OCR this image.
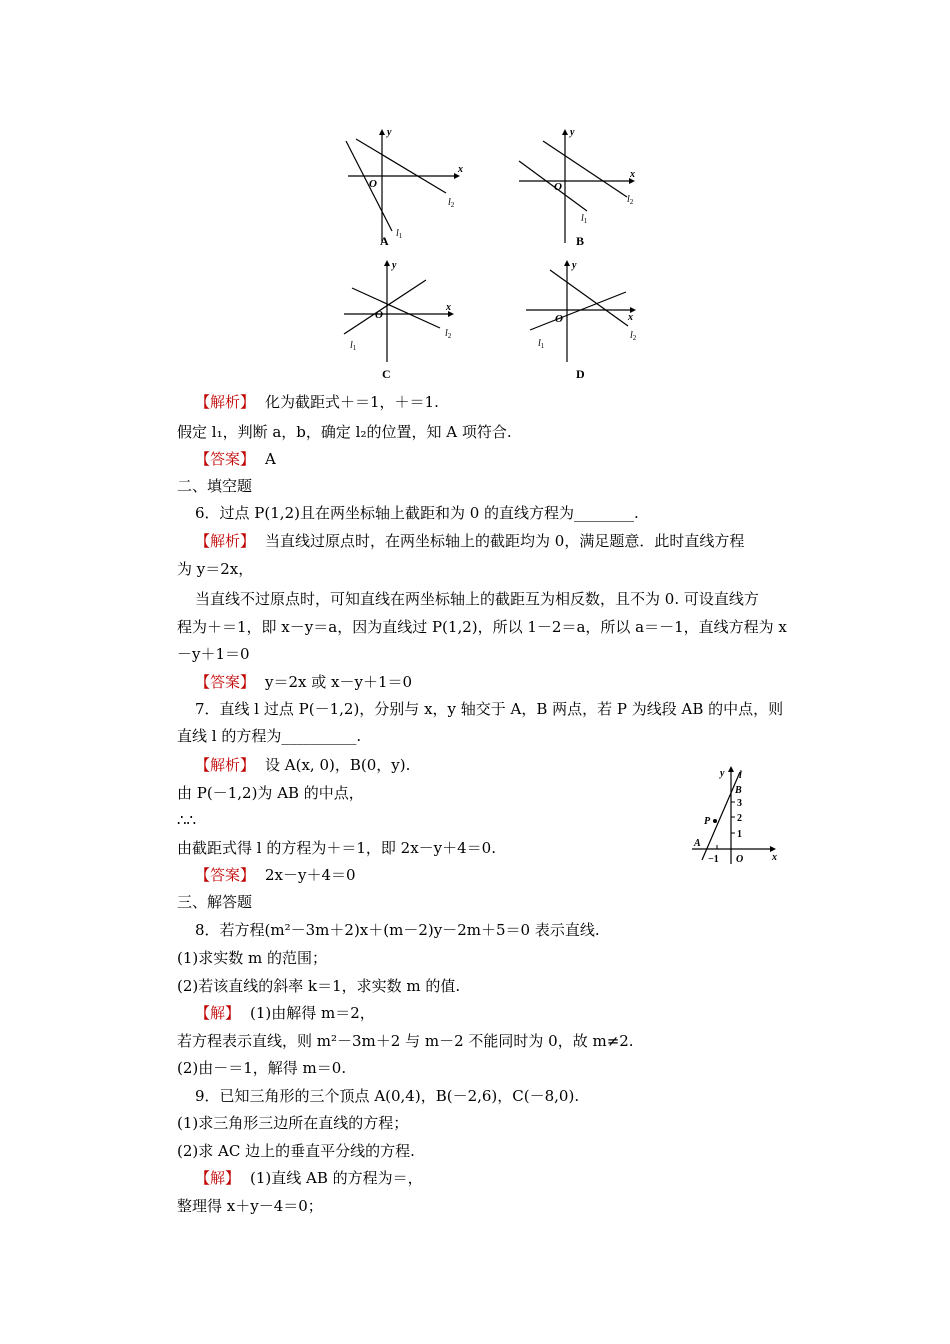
O
x
y
$l_1$
$l_2$
A
O
x
y
$l_1$
$l_2$
B
O
x
y
$l_1$
$l_2$
C
O	x
y
$l_1$
$l_2$
D
y l
B
3
2
1
P
A
−1 O	x
【解析】 化为截距式＋＝1，＋＝1.
假定 l₁，判断 a，b，确定 l₂的位置，知 A 项符合.
【答案】 A
二、填空题
6．过点 P(1,2)且在两坐标轴上截距和为 0 的直线方程为________.
【解析】 当直线过原点时，在两坐标轴上的截距均为 0，满足题意．此时直线方程
为 y＝2x，
当直线不过原点时，可知直线在两坐标轴上的截距互为相反数，且不为 0. 可设直线方
程为＋＝1，即 x－y＝a，因为直线过 P(1,2)，所以 1－2＝a，所以 a＝－1，直线方程为 x
－y＋1＝0
【答案】 y＝2x 或 x－y＋1＝0
7．直线 l 过点 P(－1,2)，分别与 x，y 轴交于 A，B 两点，若 P 为线段 AB 的中点，则
直线 l 的方程为__________.
【解析】 设 A(x, 0)，B(0，y).
由 P(－1,2)为 AB 的中点，
∴∴
由截距式得 l 的方程为＋＝1，即 2x－y＋4＝0.
【答案】 2x－y＋4＝0
三、解答题
8．若方程(m²－3m＋2)x＋(m－2)y－2m＋5＝0 表示直线.
(1)求实数 m 的范围；
(2)若该直线的斜率 k＝1，求实数 m 的值.
【解】 (1)由解得 m＝2，
若方程表示直线，则 m²－3m＋2 与 m－2 不能同时为 0，故 m≠2.
(2)由－＝1，解得 m＝0.
9．已知三角形的三个顶点 A(0,4)，B(－2,6)，C(－8,0).
(1)求三角形三边所在直线的方程；
(2)求 AC 边上的垂直平分线的方程.
【解】 (1)直线 AB 的方程为＝，
整理得 x＋y－4＝0；
